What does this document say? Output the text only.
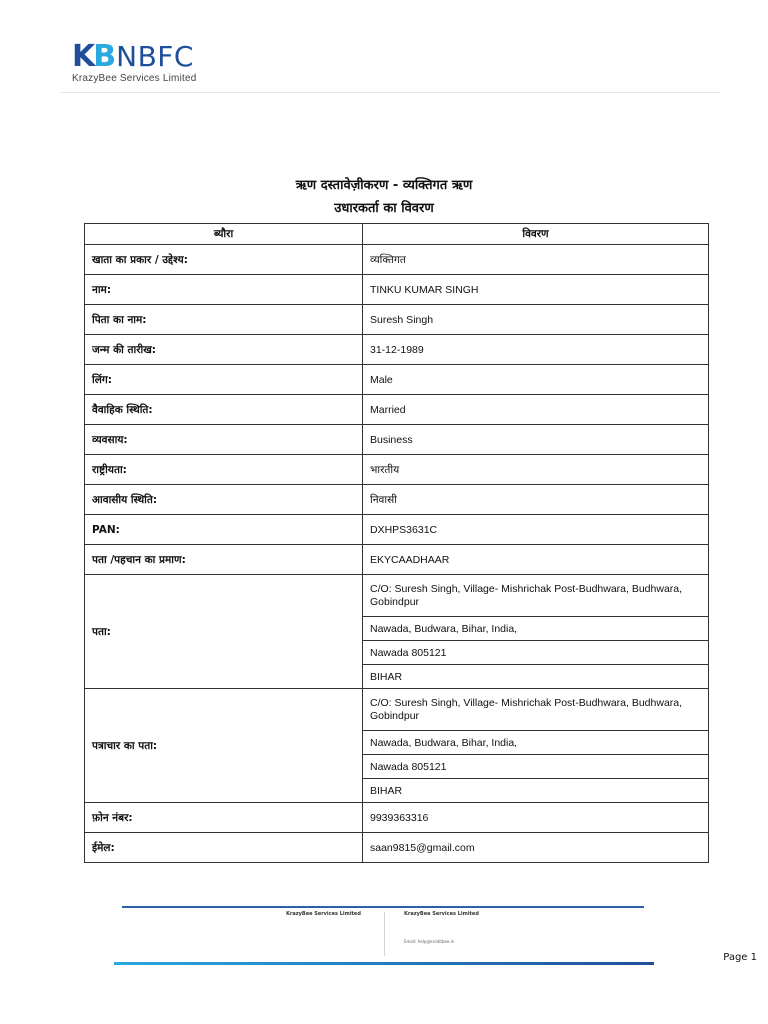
KB NBFC
KrazyBee Services Limited
ऋण दस्तावेज़ीकरण - व्यक्तिगत ऋण
उधारकर्ता का विवरण
ब्यौरा	विवरण
खाता का प्रकार / उद्देश्य:	व्यक्तिगत
नाम:	TINKU KUMAR SINGH
पिता का नाम:	Suresh Singh
जन्म की तारीख:	31-12-1989
लिंग:	Male
वैवाहिक स्थिति:	Married
व्यवसाय:	Business
राष्ट्रीयता:	भारतीय
आवासीय स्थिति:	निवासी
PAN:	DXHPS3631C
पता /पहचान का प्रमाण:	EKYCAADHAAR
पता:	C/O: Suresh Singh, Village- Mishrichak Post-Budhwara, Budhwara, Gobindpur
	Nawada, Budwara, Bihar, India,
	Nawada 805121
	BIHAR
पत्राचार का पता:	C/O: Suresh Singh, Village- Mishrichak Post-Budhwara, Budhwara, Gobindpur
	Nawada, Budwara, Bihar, India,
	Nawada 805121
	BIHAR
फ़ोन नंबर:	9939363316
ईमेल:	saan9815@gmail.com
KrazyBee Services Limited	KrazyBee Services Limited
Email: help@kreditbee.in
Page 1
